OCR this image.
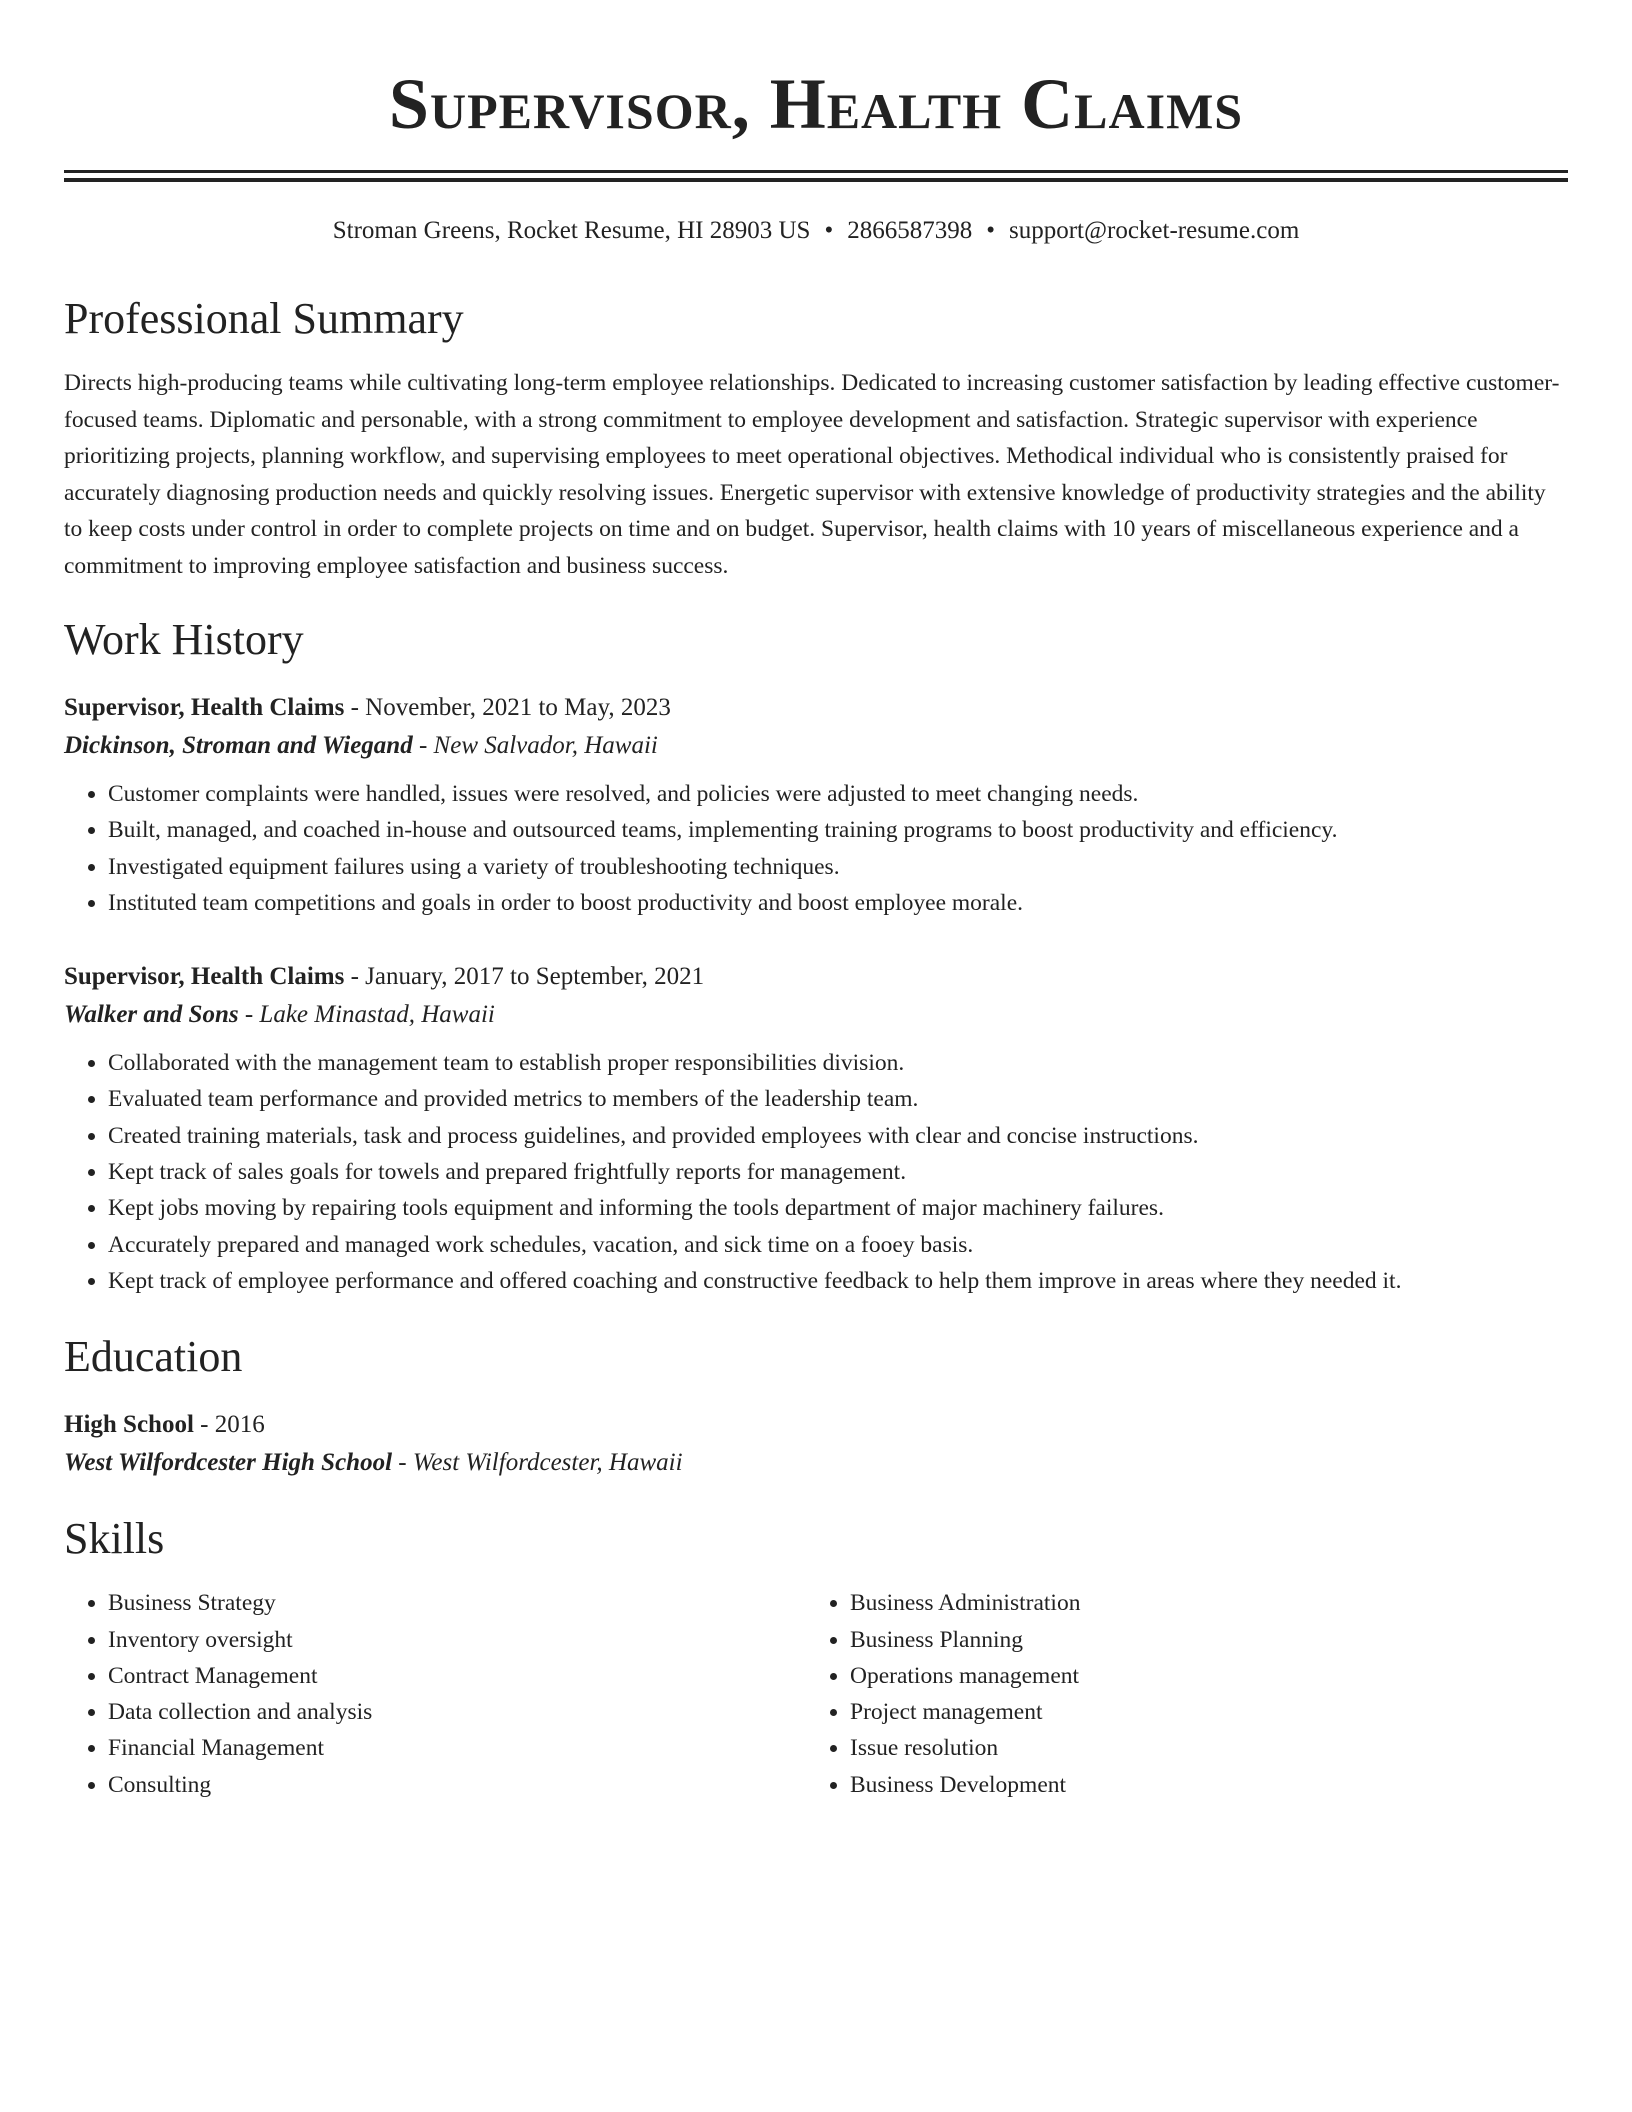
Supervisor, Health Claims
Stroman Greens, Rocket Resume, HI 28903 US • 2866587398 • support@rocket-resume.com
Professional Summary
Directs high-producing teams while cultivating long-term employee relationships. Dedicated to increasing customer satisfaction by leading effective customer-focused teams. Diplomatic and personable, with a strong commitment to employee development and satisfaction. Strategic supervisor with experience prioritizing projects, planning workflow, and supervising employees to meet operational objectives. Methodical individual who is consistently praised for accurately diagnosing production needs and quickly resolving issues. Energetic supervisor with extensive knowledge of productivity strategies and the ability to keep costs under control in order to complete projects on time and on budget. Supervisor, health claims with 10 years of miscellaneous experience and a commitment to improving employee satisfaction and business success.
Work History
Supervisor, Health Claims - November, 2021 to May, 2023
Dickinson, Stroman and Wiegand - New Salvador, Hawaii
• Customer complaints were handled, issues were resolved, and policies were adjusted to meet changing needs.
• Built, managed, and coached in-house and outsourced teams, implementing training programs to boost productivity and efficiency.
• Investigated equipment failures using a variety of troubleshooting techniques.
• Instituted team competitions and goals in order to boost productivity and boost employee morale.
Supervisor, Health Claims - January, 2017 to September, 2021
Walker and Sons - Lake Minastad, Hawaii
• Collaborated with the management team to establish proper responsibilities division.
• Evaluated team performance and provided metrics to members of the leadership team.
• Created training materials, task and process guidelines, and provided employees with clear and concise instructions.
• Kept track of sales goals for towels and prepared frightfully reports for management.
• Kept jobs moving by repairing tools equipment and informing the tools department of major machinery failures.
• Accurately prepared and managed work schedules, vacation, and sick time on a fooey basis.
• Kept track of employee performance and offered coaching and constructive feedback to help them improve in areas where they needed it.
Education
High School - 2016
West Wilfordcester High School - West Wilfordcester, Hawaii
Skills
• Business Strategy
• Inventory oversight
• Contract Management
• Data collection and analysis
• Financial Management
• Consulting
• Business Administration
• Business Planning
• Operations management
• Project management
• Issue resolution
• Business Development
